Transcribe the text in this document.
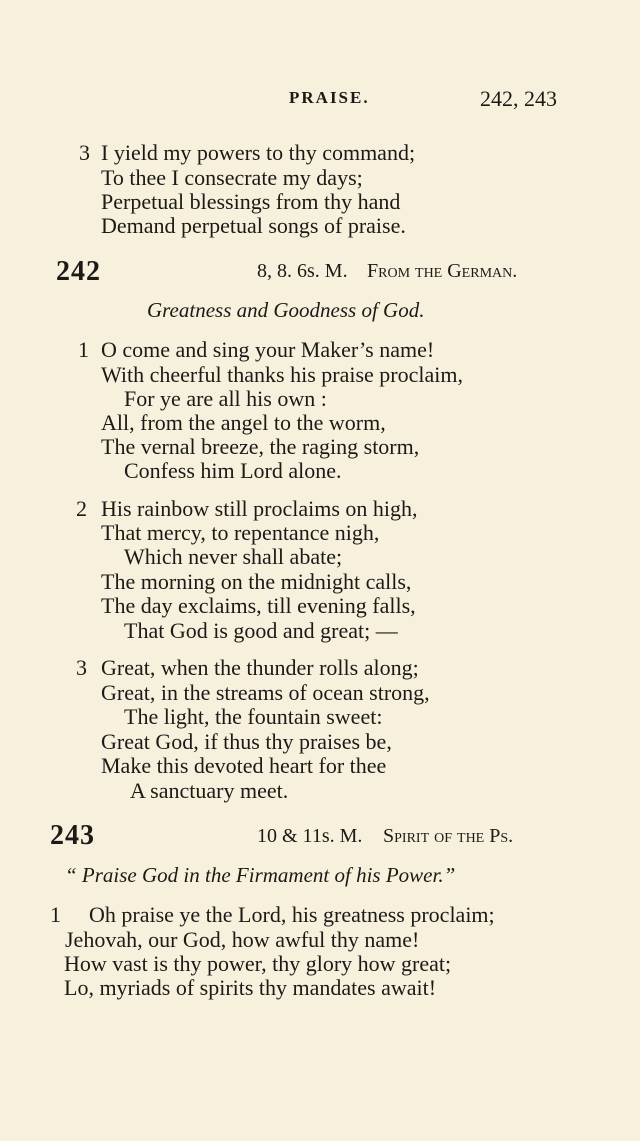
PRAISE.	242, 243
3 I yield my powers to thy command;
To thee I consecrate my days;
Perpetual blessings from thy hand
Demand perpetual songs of praise.
242	8, 8. 6s. M. From the German.
Greatness and Goodness of God.
1 O come and sing your Maker’s name!
With cheerful thanks his praise proclaim,
For ye are all his own :
All, from the angel to the worm,
The vernal breeze, the raging storm,
Confess him Lord alone.
2 His rainbow still proclaims on high,
That mercy, to repentance nigh,
Which never shall abate;
The morning on the midnight calls,
The day exclaims, till evening falls,
That God is good and great; —
3 Great, when the thunder rolls along;
Great, in the streams of ocean strong,
The light, the fountain sweet:
Great God, if thus thy praises be,
Make this devoted heart for thee
A sanctuary meet.
243	10 & 11s. M. Spirit of the Ps.
“ Praise God in the Firmament of his Power.”
1 Oh praise ye the Lord, his greatness proclaim;
Jehovah, our God, how awful thy name!
How vast is thy power, thy glory how great;
Lo, myriads of spirits thy mandates await!
